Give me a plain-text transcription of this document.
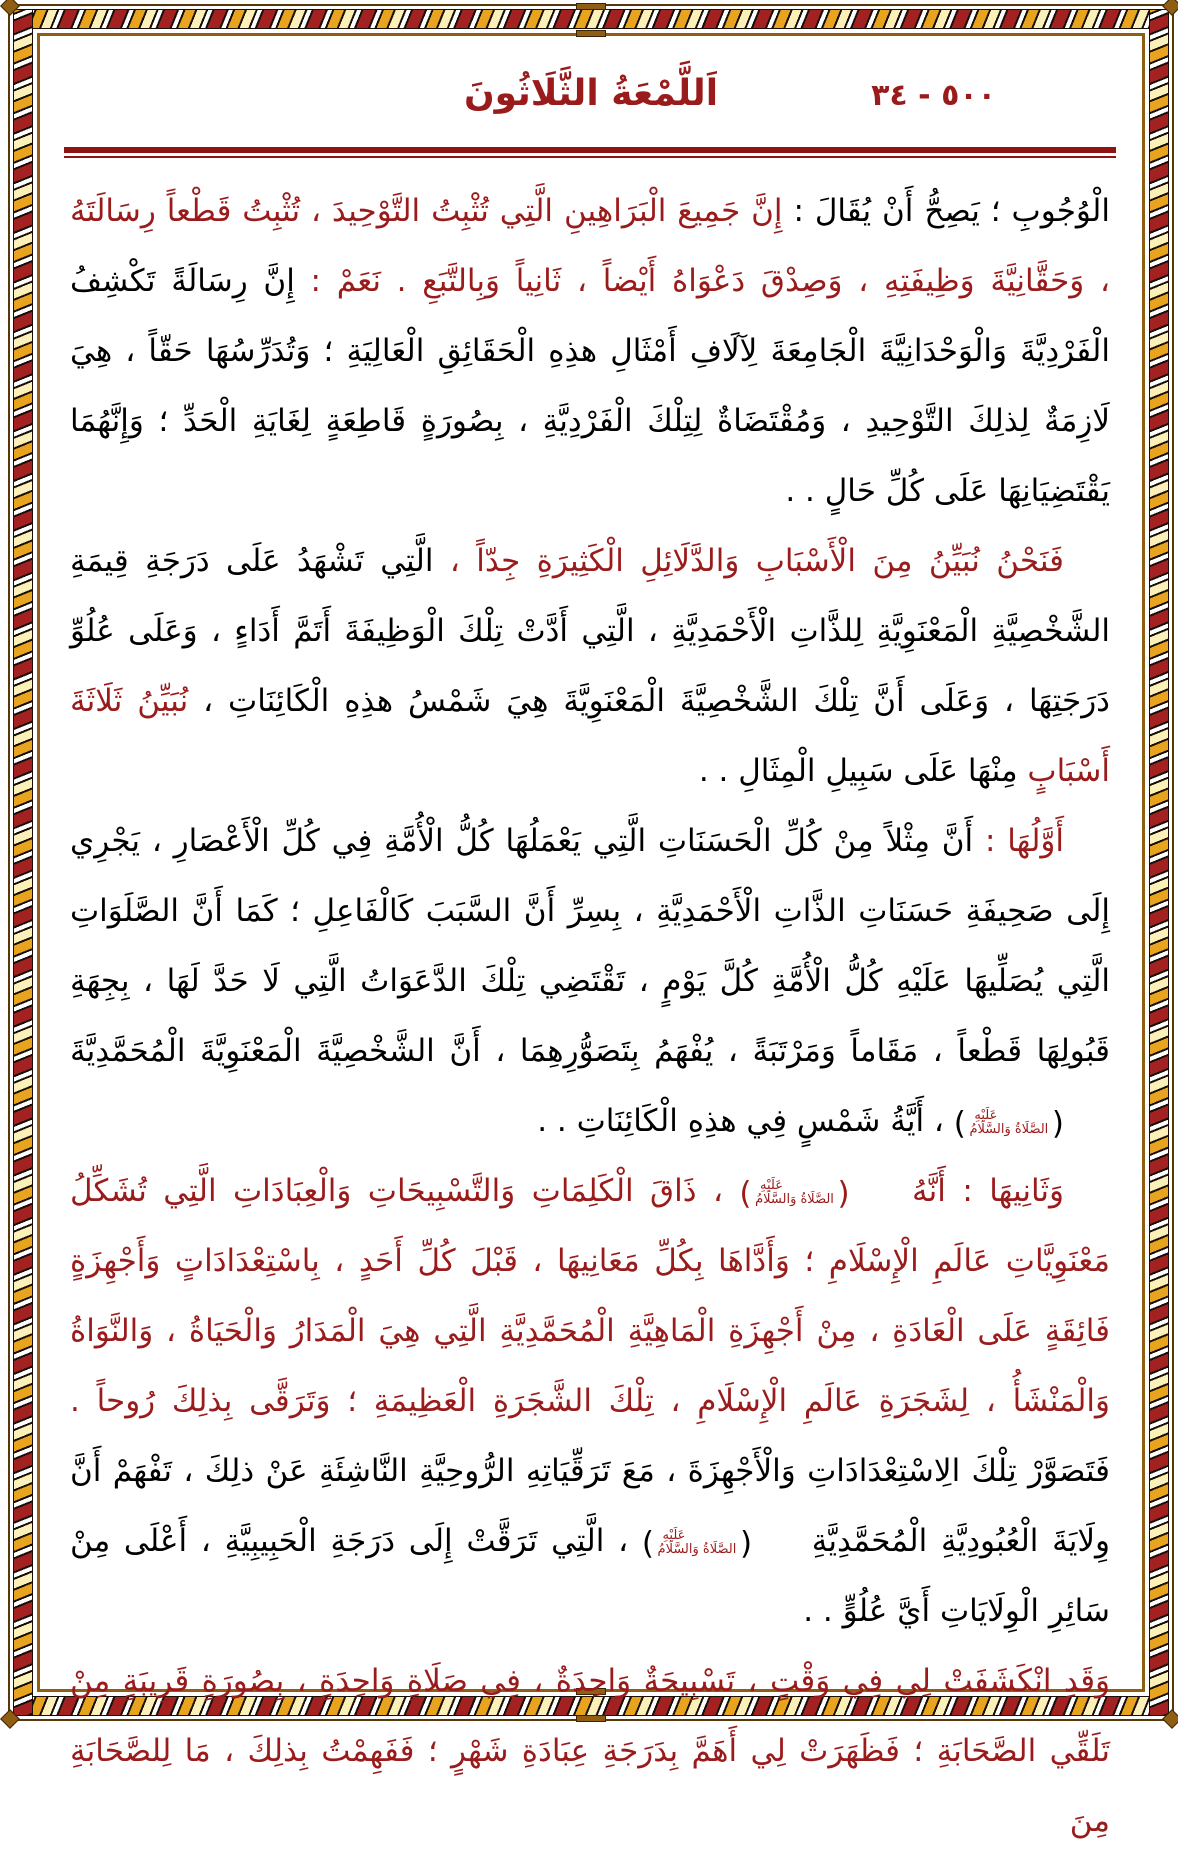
٥٠٠ - ٣٤
اَللَّمْعَةُ الثَّلَاثُونَ

الْوُجُوبِ ؛ يَصِحُّ أَنْ يُقَالَ : إِنَّ جَمِيعَ الْبَرَاهِينِ الَّتِي تُثْبِتُ التَّوْحِيدَ ، تُثْبِتُ قَطْعاً رِسَالَتَهُ ، وَحَقَّانِيَّةَ وَظِيفَتِهِ ، وَصِدْقَ دَعْوَاهُ أَيْضاً ، ثَانِياً وَبِالتَّبَعِ . نَعَمْ : إِنَّ رِسَالَةً تَكْشِفُ الْفَرْدِيَّةَ وَالْوَحْدَانِيَّةَ الْجَامِعَةَ لِآلَافِ أَمْثَالِ هذِهِ الْحَقَائِقِ الْعَالِيَةِ ؛ وَتُدَرِّسُهَا حَقّاً ، هِيَ لَازِمَةٌ لِذلِكَ التَّوْحِيدِ ، وَمُقْتَضَاةٌ لِتِلْكَ الْفَرْدِيَّةِ ، بِصُورَةٍ قَاطِعَةٍ لِغَايَةِ الْحَدِّ ؛ وَإِنَّهُمَا يَقْتَضِيَانِهَا عَلَى كُلِّ حَالٍ . .

فَنَحْنُ نُبَيِّنُ مِنَ الْأَسْبَابِ وَالدَّلَائِلِ الْكَثِيرَةِ جِدّاً ، الَّتِي تَشْهَدُ عَلَى دَرَجَةِ قِيمَةِ الشَّخْصِيَّةِ الْمَعْنَوِيَّةِ لِلذَّاتِ الْأَحْمَدِيَّةِ ، الَّتِي أَدَّتْ تِلْكَ الْوَظِيفَةَ أَتَمَّ أَدَاءٍ ، وَعَلَى عُلُوِّ دَرَجَتِهَا ، وَعَلَى أَنَّ تِلْكَ الشَّخْصِيَّةَ الْمَعْنَوِيَّةَ هِيَ شَمْسُ هذِهِ الْكَائِنَاتِ ، نُبَيِّنُ ثَلَاثَةَ أَسْبَابٍ مِنْهَا عَلَى سَبِيلِ الْمِثَالِ . .

أَوَّلُهَا : أَنَّ مِثْلاً مِنْ كُلِّ الْحَسَنَاتِ الَّتِي يَعْمَلُهَا كُلُّ الْأُمَّةِ فِي كُلِّ الْأَعْصَارِ ، يَجْرِي إِلَى صَحِيفَةِ حَسَنَاتِ الذَّاتِ الْأَحْمَدِيَّةِ ، بِسِرِّ أَنَّ السَّبَبَ كَالْفَاعِلِ ؛ كَمَا أَنَّ الصَّلَوَاتِ الَّتِي يُصَلِّيهَا عَلَيْهِ كُلُّ الْأُمَّةِ كُلَّ يَوْمٍ ، تَقْتَضِي تِلْكَ الدَّعَوَاتُ الَّتِي لَا حَدَّ لَهَا ، بِجِهَةِ قَبُولِهَا قَطْعاً ، مَقَاماً وَمَرْتَبَةً ، يُفْهَمُ بِتَصَوُّرِهِمَا ، أَنَّ الشَّخْصِيَّةَ الْمَعْنَوِيَّةَ الْمُحَمَّدِيَّةَ (عَلَيْهِ الصَّلَاةُ وَالسَّلَامُ) ، أَيَّةُ شَمْسٍ فِي هذِهِ الْكَائِنَاتِ . .

وَثَانِيهَا : أَنَّهُ (عَلَيْهِ الصَّلَاةُ وَالسَّلَامُ) ، ذَاقَ الْكَلِمَاتِ وَالتَّسْبِيحَاتِ وَالْعِبَادَاتِ الَّتِي تُشَكِّلُ مَعْنَوِيَّاتِ عَالَمِ الْإِسْلَامِ ؛ وَأَدَّاهَا بِكُلِّ مَعَانِيهَا ، قَبْلَ كُلِّ أَحَدٍ ، بِاسْتِعْدَادَاتٍ وَأَجْهِزَةٍ فَائِقَةٍ عَلَى الْعَادَةِ ، مِنْ أَجْهِزَةِ الْمَاهِيَّةِ الْمُحَمَّدِيَّةِ الَّتِي هِيَ الْمَدَارُ وَالْحَيَاةُ ، وَالنَّوَاةُ وَالْمَنْشَأُ ، لِشَجَرَةِ عَالَمِ الْإِسْلَامِ ، تِلْكَ الشَّجَرَةِ الْعَظِيمَةِ ؛ وَتَرَقَّى بِذلِكَ رُوحاً . فَتَصَوَّرْ تِلْكَ الِاسْتِعْدَادَاتِ وَالْأَجْهِزَةَ ، مَعَ تَرَقِّيَاتِهِ الرُّوحِيَّةِ النَّاشِئَةِ عَنْ ذلِكَ ، تَفْهَمْ أَنَّ وِلَايَةَ الْعُبُودِيَّةِ الْمُحَمَّدِيَّةِ (عَلَيْهِ الصَّلَاةُ وَالسَّلَامُ) ، الَّتِي تَرَقَّتْ إِلَى دَرَجَةِ الْحَبِيبِيَّةِ ، أَعْلَى مِنْ سَائِرِ الْوِلَايَاتِ أَيَّ عُلُوٍّ . .

وَقَدِ انْكَشَفَتْ لِي فِي وَقْتٍ ، تَسْبِيحَةٌ وَاحِدَةٌ ، فِي صَلَاةٍ وَاحِدَةٍ ، بِصُورَةٍ قَرِيبَةٍ مِنْ تَلَقِّي الصَّحَابَةِ ؛ فَظَهَرَتْ لِي أَهَمَّ بِدَرَجَةِ عِبَادَةِ شَهْرٍ ؛ فَفَهِمْتُ بِذلِكَ ، مَا لِلصَّحَابَةِ مِنَ
